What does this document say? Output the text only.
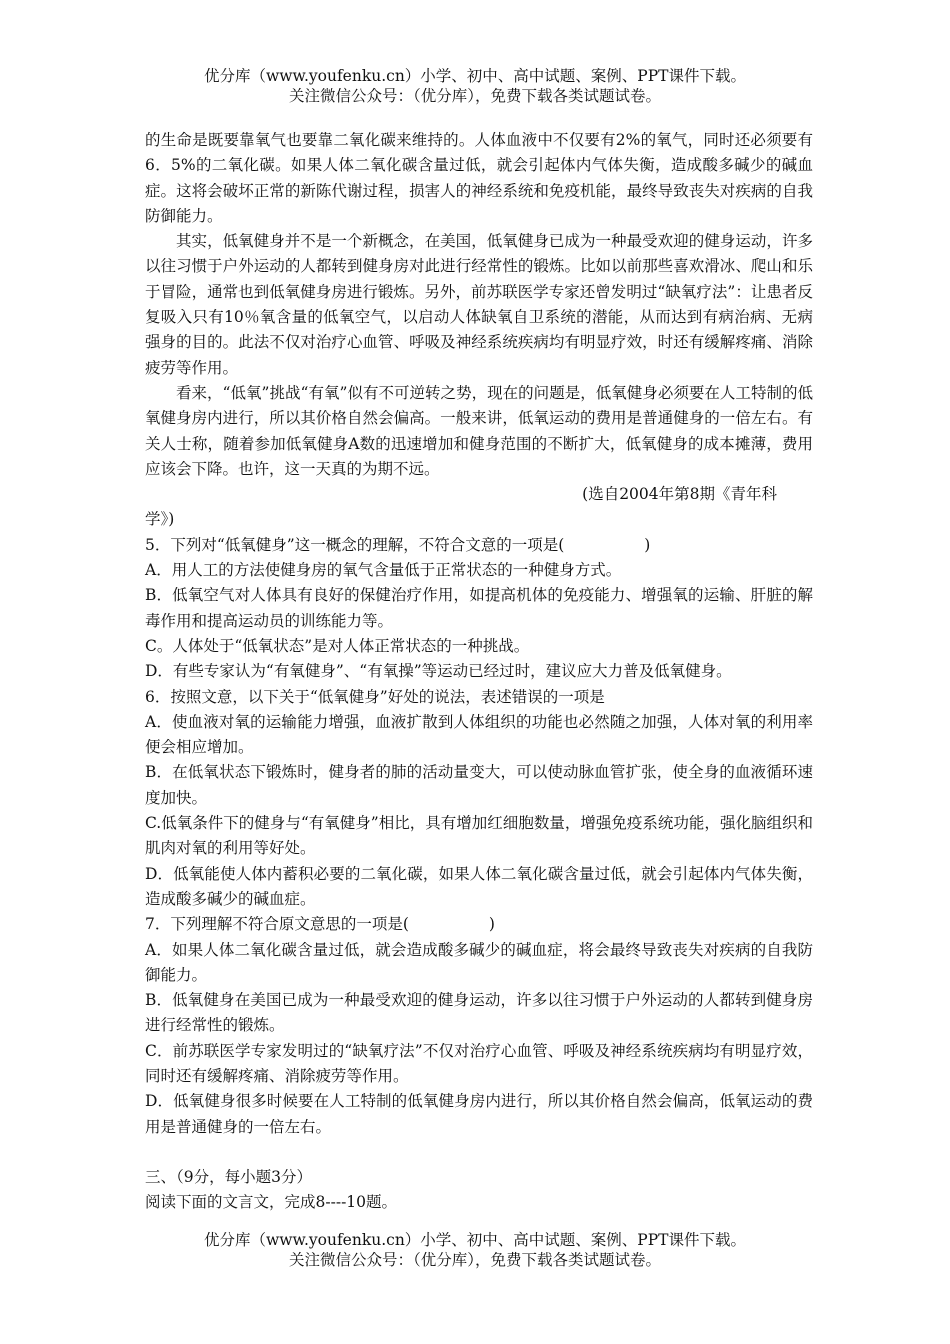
优分库（www.youfenku.cn）小学、初中、高中试题、案例、PPT课件下载。
关注微信公众号：（优分库），免费下载各类试题试卷。

的生命是既要靠氧气也要靠二氧化碳来维持的。人体血液中不仅要有2%的氧气，同时还必须要有6．5%的二氧化碳。如果人体二氧化碳含量过低，就会引起体内气体失衡，造成酸多碱少的碱血症。这将会破坏正常的新陈代谢过程，损害人的神经系统和免疫机能，最终导致丧失对疾病的自我防御能力。

其实，低氧健身并不是一个新概念，在美国，低氧健身已成为一种最受欢迎的健身运动，许多以往习惯于户外运动的人都转到健身房对此进行经常性的锻炼。比如以前那些喜欢滑冰、爬山和乐于冒险，通常也到低氧健身房进行锻炼。另外，前苏联医学专家还曾发明过“缺氧疗法”：让患者反复吸入只有10％氧含量的低氧空气，以启动人体缺氧自卫系统的潜能，从而达到有病治病、无病强身的目的。此法不仅对治疗心血管、呼吸及神经系统疾病均有明显疗效，时还有缓解疼痛、消除疲劳等作用。

看来，“低氧”挑战“有氧”似有不可逆转之势，现在的问题是，低氧健身必须要在人工特制的低氧健身房内进行，所以其价格自然会偏高。一般来讲，低氧运动的费用是普通健身的一倍左右。有关人士称，随着参加低氧健身A数的迅速增加和健身范围的不断扩大，低氧健身的成本摊薄，费用应该会下降。也许，这一天真的为期不远。

(选自2004年第8期《青年科

学》)

5．下列对“低氧健身”这一概念的理解，不符合文意的一项是(	)

A．用人工的方法使健身房的氧气含量低于正常状态的一种健身方式。

B．低氧空气对人体具有良好的保健治疗作用，如提高机体的免疫能力、增强氧的运输、肝脏的解毒作用和提高运动员的训练能力等。

C。人体处于“低氧状态”是对人体正常状态的一种挑战。

D．有些专家认为“有氧健身”、“有氧操”等运动已经过时，建议应大力普及低氧健身。

6．按照文意，以下关于“低氧健身”好处的说法，表述错误的一项是

A．使血液对氧的运输能力增强，血液扩散到人体组织的功能也必然随之加强，人体对氧的利用率便会相应增加。

B．在低氧状态下锻炼时，健身者的肺的活动量变大，可以使动脉血管扩张，使全身的血液循环速度加快。

C.低氧条件下的健身与“有氧健身”相比，具有增加红细胞数量，增强免疫系统功能，强化脑组织和肌肉对氧的利用等好处。

D．低氧能使人体内蓄积必要的二氧化碳，如果人体二氧化碳含量过低，就会引起体内气体失衡，造成酸多碱少的碱血症。

7．下列理解不符合原文意思的一项是(	)

A．如果人体二氧化碳含量过低，就会造成酸多碱少的碱血症，将会最终导致丧失对疾病的自我防御能力。

B．低氧健身在美国已成为一种最受欢迎的健身运动，许多以往习惯于户外运动的人都转到健身房进行经常性的锻炼。

C．前苏联医学专家发明过的“缺氧疗法”不仅对治疗心血管、呼吸及神经系统疾病均有明显疗效，同时还有缓解疼痛、消除疲劳等作用。

D．低氧健身很多时候要在人工特制的低氧健身房内进行，所以其价格自然会偏高，低氧运动的费用是普通健身的一倍左右。

三、（9分，每小题3分）

阅读下面的文言文，完成8----10题。

优分库（www.youfenku.cn）小学、初中、高中试题、案例、PPT课件下载。
关注微信公众号：（优分库），免费下载各类试题试卷。
